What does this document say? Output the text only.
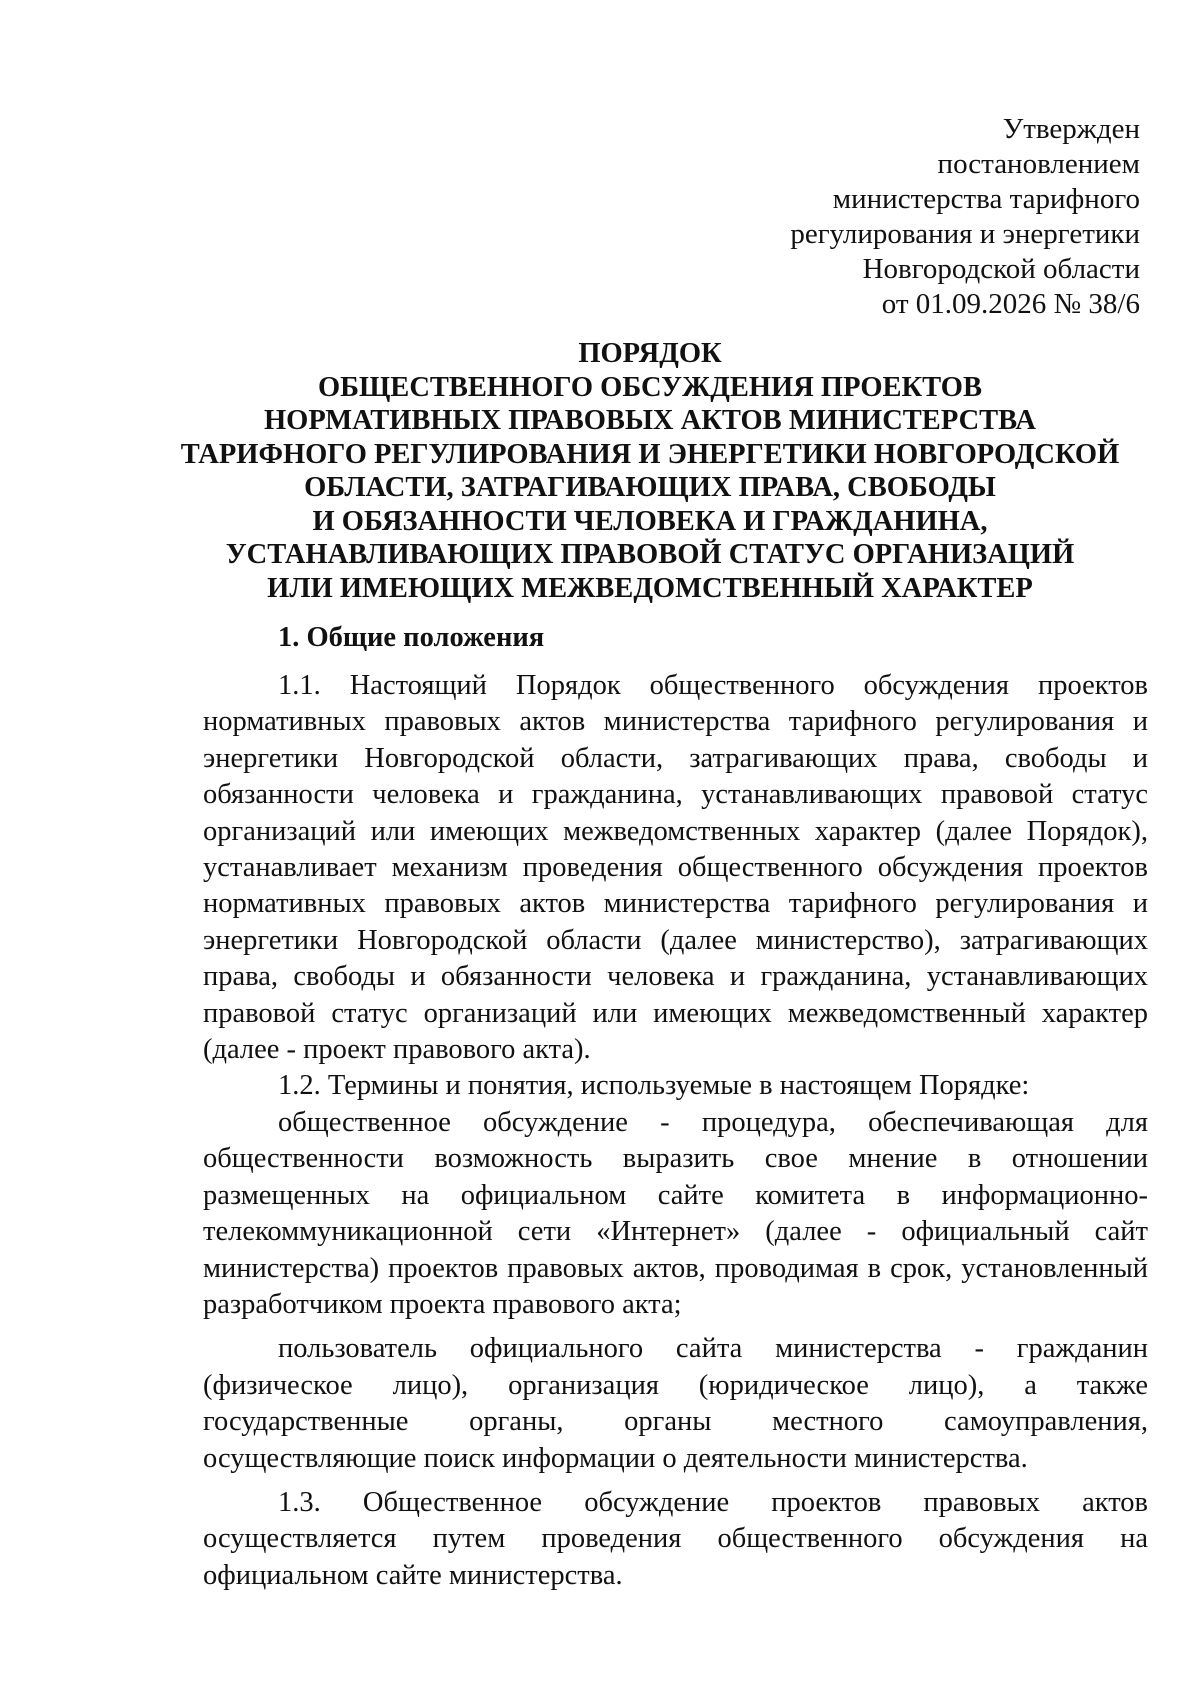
Утвержден
постановлением
министерства тарифного
регулирования и энергетики
Новгородской области
от 01.09.2026 № 38/6
ПОРЯДОК
ОБЩЕСТВЕННОГО ОБСУЖДЕНИЯ ПРОЕКТОВ
НОРМАТИВНЫХ ПРАВОВЫХ АКТОВ МИНИСТЕРСТВА
ТАРИФНОГО РЕГУЛИРОВАНИЯ И ЭНЕРГЕТИКИ НОВГОРОДСКОЙ
ОБЛАСТИ, ЗАТРАГИВАЮЩИХ ПРАВА, СВОБОДЫ
И ОБЯЗАННОСТИ ЧЕЛОВЕКА И ГРАЖДАНИНА,
УСТАНАВЛИВАЮЩИХ ПРАВОВОЙ СТАТУС ОРГАНИЗАЦИЙ
ИЛИ ИМЕЮЩИХ МЕЖВЕДОМСТВЕННЫЙ ХАРАКТЕР
1. Общие положения

1.1. Настоящий Порядок общественного обсуждения проектов нормативных правовых актов министерства тарифного регулирования и энергетики Новгородской области, затрагивающих права, свободы и обязанности человека и гражданина, устанавливающих правовой статус организаций или имеющих межведомственных характер (далее Порядок), устанавливает механизм проведения общественного обсуждения проектов нормативных правовых актов министерства тарифного регулирования и энергетики Новгородской области (далее министерство), затрагивающих права, свободы и обязанности человека и гражданина, устанавливающих правовой статус организаций или имеющих межведомственный характер (далее - проект правового акта).

1.2. Термины и понятия, используемые в настоящем Порядке:

общественное обсуждение - процедура, обеспечивающая для общественности возможность выразить свое мнение в отношении размещенных на официальном сайте комитета в информационно-телекоммуникационной сети «Интернет» (далее - официальный сайт министерства) проектов правовых актов, проводимая в срок, установленный разработчиком проекта правового акта;

пользователь официального сайта министерства - гражданин (физическое лицо), организация (юридическое лицо), а также государственные органы, органы местного самоуправления, осуществляющие поиск информации о деятельности министерства.

1.3. Общественное обсуждение проектов правовых актов осуществляется путем проведения общественного обсуждения на официальном сайте министерства.
